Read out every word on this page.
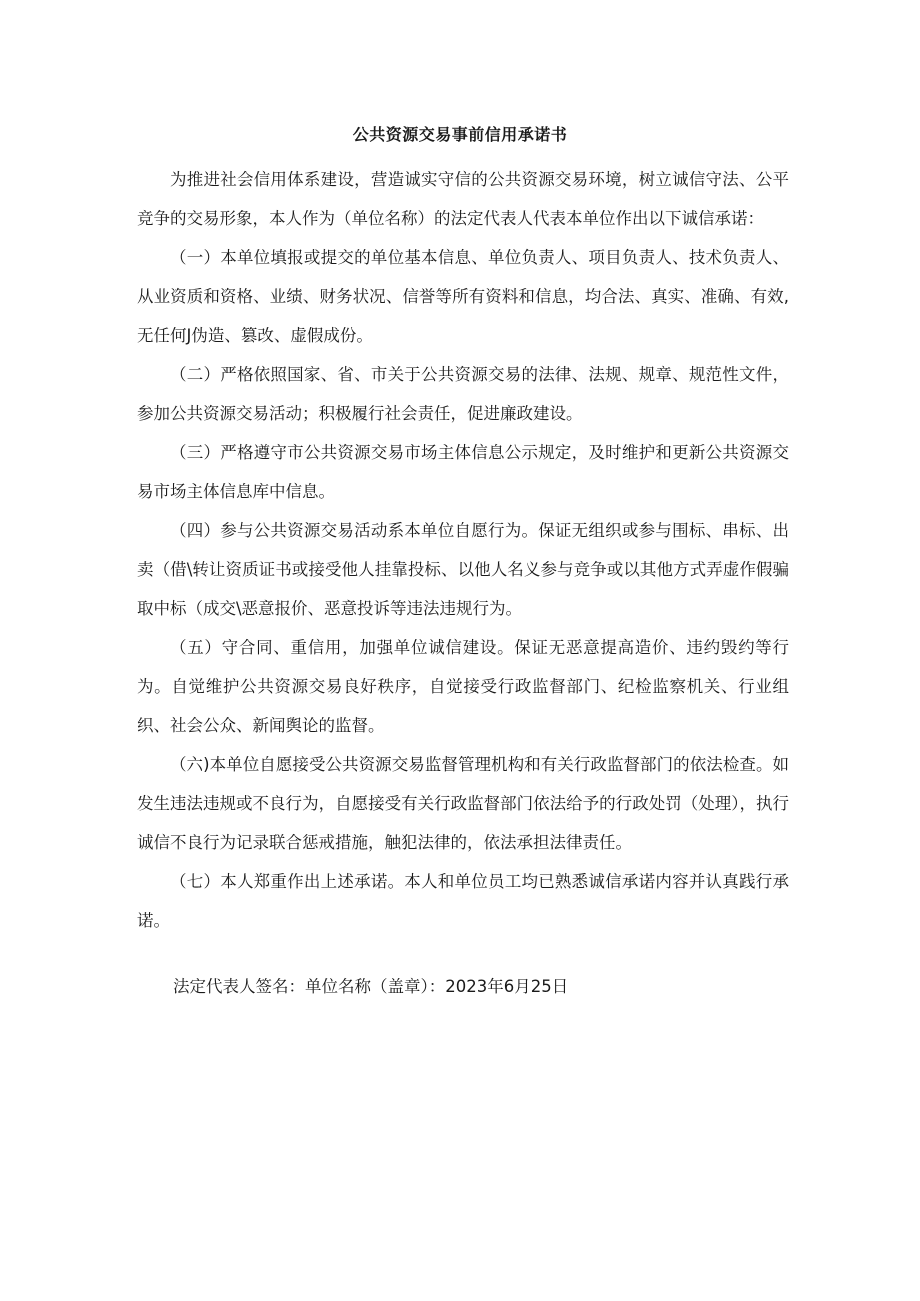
公共资源交易事前信用承诺书

为推进社会信用体系建设，营造诚实守信的公共资源交易环境，树立诚信守法、公平竞争的交易形象，本人作为（单位名称）的法定代表人代表本单位作出以下诚信承诺：

（一）本单位填报或提交的单位基本信息、单位负责人、项目负责人、技术负责人、从业资质和资格、业绩、财务状况、信誉等所有资料和信息，均合法、真实、准确、有效,无任何J伪造、篡改、虚假成份。

（二）严格依照国家、省、市关于公共资源交易的法律、法规、规章、规范性文件，参加公共资源交易活动；积极履行社会责任，促进廉政建设。

（三）严格遵守市公共资源交易市场主体信息公示规定，及时维护和更新公共资源交易市场主体信息库中信息。

（四）参与公共资源交易活动系本单位自愿行为。保证无组织或参与围标、串标、出卖（借\转让资质证书或接受他人挂靠投标、以他人名义参与竞争或以其他方式弄虚作假骗取中标（成交\恶意报价、恶意投诉等违法违规行为。

（五）守合同、重信用，加强单位诚信建设。保证无恶意提高造价、违约毁约等行为。自觉维护公共资源交易良好秩序，自觉接受行政监督部门、纪检监察机关、行业组织、社会公众、新闻舆论的监督。

（六)本单位自愿接受公共资源交易监督管理机构和有关行政监督部门的依法检查。如发生违法违规或不良行为，自愿接受有关行政监督部门依法给予的行政处罚（处理），执行诚信不良行为记录联合惩戒措施，触犯法律的，依法承担法律责任。

（七）本人郑重作出上述承诺。本人和单位员工均已熟悉诚信承诺内容并认真践行承诺。

法定代表人签名：单位名称（盖章）：2023年6月25日
